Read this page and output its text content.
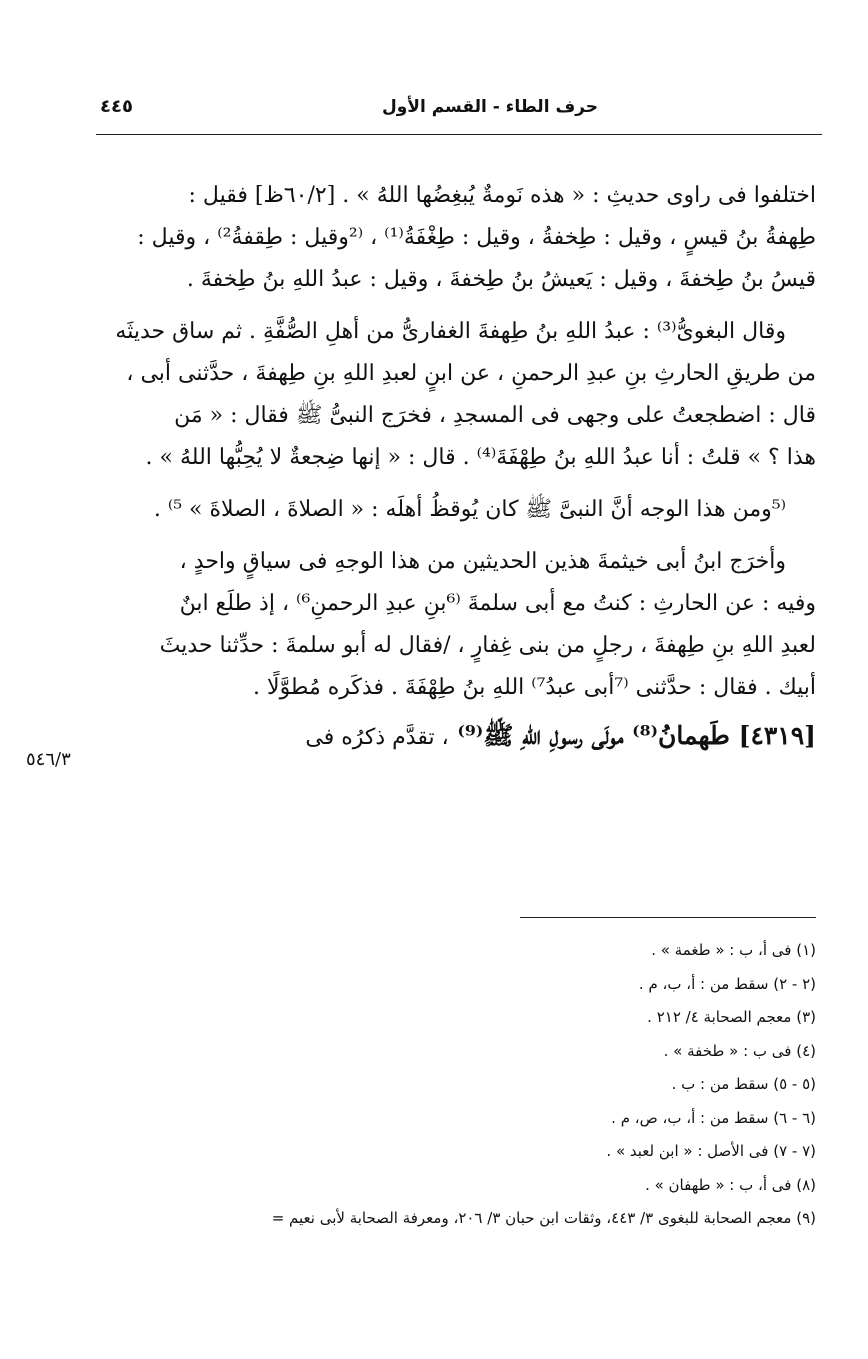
حرف الطاء - القسم الأول
٤٤٥

اختلفوا فى راوى حديثِ : « هذه نَومةٌ يُبغِضُها اللهُ » . [٦٠/٢ظ] فقيل :
طِهفةُ بنُ قيسٍ ، وقيل : طِخفةُ ، وقيل : طِغْفَةُ⁽¹⁾ ، ⁽²وقيل : طِقفةُ²⁾ ، وقيل :
قيسُ بنُ طِخفةَ ، وقيل : يَعيشُ بنُ طِخفةَ ، وقيل : عبدُ اللهِ بنُ طِخفةَ .

وقال البغوىُّ⁽³⁾ : عبدُ اللهِ بنُ طِهفةَ الغفارىُّ من أهلِ الصُّفَّةِ . ثم ساق حديثَه
من طريقِ الحارثِ بنِ عبدِ الرحمنِ ، عن ابنٍ لعبدِ اللهِ بنِ طِهفةَ ، حدَّثنى أبى ،
قال : اضطجعتُ على وجهى فى المسجدِ ، فخرَج النبىُّ ﷺ فقال : « مَن
هذا ؟ » قلتُ : أنا عبدُ اللهِ بنُ طِهْفَةَ⁽⁴⁾ . قال : « إنها ضِجعةٌ لا يُحِبُّها اللهُ » .

⁽⁵ومن هذا الوجه أنَّ النبىَّ ﷺ كان يُوقظُ أهلَه : « الصلاةَ ، الصلاةَ » ⁵⁾ .

وأخرَج ابنُ أبى خيثمةَ هذين الحديثين من هذا الوجهِ فى سياقٍ واحدٍ ،
وفيه : عن الحارثِ : كنتُ مع أبى سلمةَ ⁽⁶بنِ عبدِ الرحمنِ⁶⁾ ، إذ طلَع ابنٌ
لعبدِ اللهِ بنِ طِهفةَ ، رجلٍ من بنى غِفارٍ ، /فقال له أبو سلمةَ : حدِّثنا حديثَ
أبيك . فقال : حدَّثنى ⁽⁷أبى عبدُ⁷⁾ اللهِ بنُ طِهْفَةَ . فذكَره مُطوَّلًا .

[٤٣١٩] طَهمانُ⁽⁸⁾ مولَى رسولِ اللهِ ﷺ⁽⁹⁾ ، تقدَّم ذكرُه فى

٥٤٦/٣
(١) فى أ، ب : « طغمة » .
(٢ - ٢) سقط من : أ، ب، م .
(٣) معجم الصحابة ٤/ ٢١٢ .
(٤) فى ب : « طخفة » .
(٥ - ٥) سقط من : ب .
(٦ - ٦) سقط من : أ، ب، ص، م .
(٧ - ٧) فى الأصل : « ابن لعبد » .
(٨) فى أ، ب : « طهفان » .
(٩) معجم الصحابة للبغوى ٣/ ٤٤٣، وثقات ابن حبان ٣/ ٢٠٦، ومعرفة الصحابة لأبى نعيم =
